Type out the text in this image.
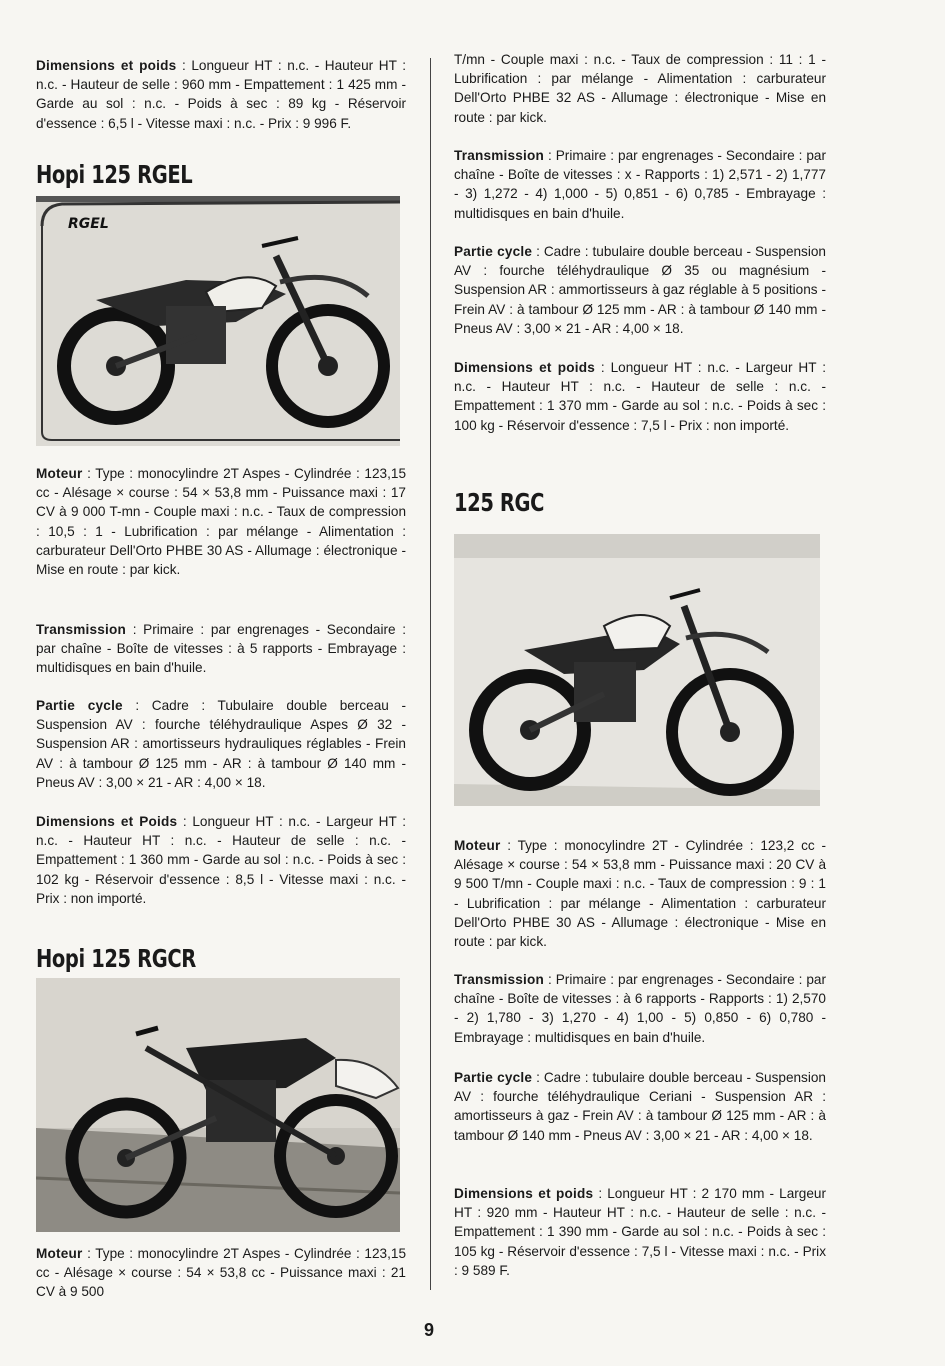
Dimensions et poids : Longueur HT : n.c. - Hauteur HT : n.c. - Hauteur de selle : 960 mm - Empattement : 1 425 mm - Garde au sol : n.c. - Poids à sec : 89 kg - Réservoir d'essence : 6,5 l - Vitesse maxi : n.c. - Prix : 9 996 F.

Hopi 125 RGEL
RGEL

Moteur : Type : monocylindre 2T Aspes - Cylindrée : 123,15 cc - Alésage × course : 54 × 53,8 mm - Puissance maxi : 17 CV à 9 000 T-mn - Couple maxi : n.c. - Taux de compression : 10,5 : 1 - Lubrification : par mélange - Alimentation : carburateur Dell'Orto PHBE 30 AS - Allumage : électronique - Mise en route : par kick.

Transmission : Primaire : par engrenages - Secondaire : par chaîne - Boîte de vitesses : à 5 rapports - Embrayage : multidisques en bain d'huile.

Partie cycle : Cadre : Tubulaire double berceau - Suspension AV : fourche téléhydraulique Aspes Ø 32 - Suspension AR : amortisseurs hydrauliques réglables - Frein AV : à tambour Ø 125 mm - AR : à tambour Ø 140 mm - Pneus AV : 3,00 × 21 - AR : 4,00 × 18.

Dimensions et Poids : Longueur HT : n.c. - Largeur HT : n.c. - Hauteur HT : n.c. - Hauteur de selle : n.c. - Empattement : 1 360 mm - Garde au sol : n.c. - Poids à sec : 102 kg - Réservoir d'essence : 8,5 l - Vitesse maxi : n.c. - Prix : non importé.

Hopi 125 RGCR

Moteur : Type : monocylindre 2T Aspes - Cylindrée : 123,15 cc - Alésage × course : 54 × 53,8 cc - Puissance maxi : 21 CV à 9 500

T/mn - Couple maxi : n.c. - Taux de compression : 11 : 1 - Lubrification : par mélange - Alimentation : carburateur Dell'Orto PHBE 32 AS - Allumage : électronique - Mise en route : par kick.

Transmission : Primaire : par engrenages - Secondaire : par chaîne - Boîte de vitesses : x - Rapports : 1) 2,571 - 2) 1,777 - 3) 1,272 - 4) 1,000 - 5) 0,851 - 6) 0,785 - Embrayage : multidisques en bain d'huile.

Partie cycle : Cadre : tubulaire double berceau - Suspension AV : fourche téléhydraulique Ø 35 ou magnésium - Suspension AR : ammortisseurs à gaz réglable à 5 positions - Frein AV : à tambour Ø 125 mm - AR : à tambour Ø 140 mm - Pneus AV : 3,00 × 21 - AR : 4,00 × 18.

Dimensions et poids : Longueur HT : n.c. - Largeur HT : n.c. - Hauteur HT : n.c. - Hauteur de selle : n.c. - Empattement : 1 370 mm - Garde au sol : n.c. - Poids à sec : 100 kg - Réservoir d'essence : 7,5 l - Prix : non importé.

125 RGC

Moteur : Type : monocylindre 2T - Cylindrée : 123,2 cc - Alésage × course : 54 × 53,8 mm - Puissance maxi : 20 CV à 9 500 T/mn - Couple maxi : n.c. - Taux de compression : 9 : 1 - Lubrification : par mélange - Alimentation : carburateur Dell'Orto PHBE 30 AS - Allumage : électronique - Mise en route : par kick.

Transmission : Primaire : par engrenages - Secondaire : par chaîne - Boîte de vitesses : à 6 rapports - Rapports : 1) 2,570 - 2) 1,780 - 3) 1,270 - 4) 1,00 - 5) 0,850 - 6) 0,780 - Embrayage : multidisques en bain d'huile.

Partie cycle : Cadre : tubulaire double berceau - Suspension AV : fourche téléhydraulique Ceriani - Suspension AR : amortisseurs à gaz - Frein AV : à tambour Ø 125 mm - AR : à tambour Ø 140 mm - Pneus AV : 3,00 × 21 - AR : 4,00 × 18.

Dimensions et poids : Longueur HT : 2 170 mm - Largeur HT : 920 mm - Hauteur HT : n.c. - Hauteur de selle : n.c. - Empattement : 1 390 mm - Garde au sol : n.c. - Poids à sec : 105 kg - Réservoir d'essence : 7,5 l - Vitesse maxi : n.c. - Prix : 9 589 F.

9
